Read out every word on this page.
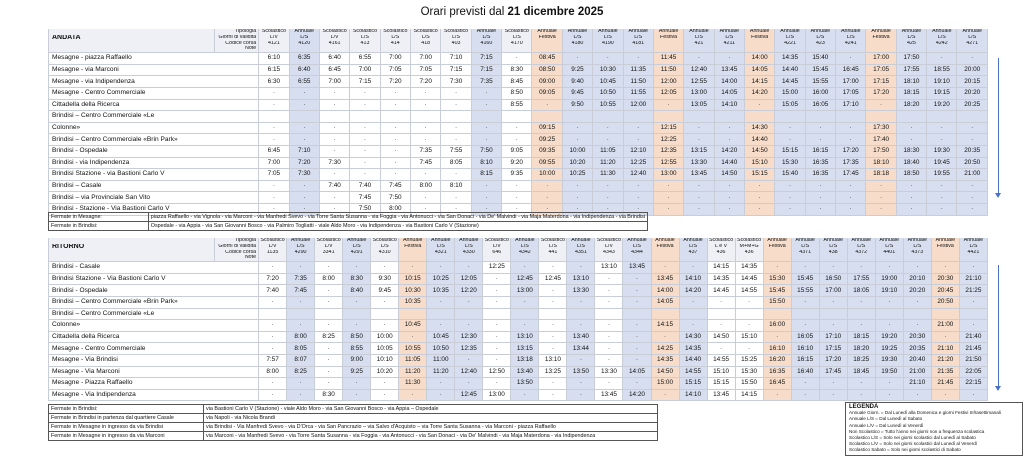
Orari previsti dal 21 dicembre 2025
	Tipologia	Scolastico	Annuale	Scolastico	Scolastico	Scolastico	Scolastico	Scolastico	Annuale	Scolastico	Annuale	Annuale	Annuale	Annuale	Annuale	Annuale	Annuale	Annuale	Annuale	Annuale	Annuale	Annuale	Annuale	Annuale	Annuale
ANDATA	Giorni di validità	L/V	L/S	L/V	L/S	L/S	L/S	L/S	L/S	L/S	Festiva	L/S	L/S	L/S	Festiva	L/S	L/S	Festiva	L/S	L/S	L/S	Festiva	L/S	L/S	L/S
	Codice corsa	4121	4120	4161	413	414	418	403	4160	4170		4180	4190	4181		421	4211		4221	423	4241		425	4242	4271
	Note																								
Mesagne - piazza Raffaello		6:10	6:35	6:40	6:55	7:00	7:00	7:10	7:15	·	08:45	·	·	·	11:45	·	·	14:00	14:35	15:40	·	17:00	17:50	·	·
Mesagne - via Marconi		6:15	6:40	6:45	7:00	7:05	7:05	7:15	7:15	8:30	08:50	9:25	10:30	11:35	11:50	12:40	13:45	14:05	14:40	15:45	16:45	17:05	17:55	18:55	20:00
Mesagne - via Indipendenza		6:30	6:55	7:00	7:15	7:20	7:20	7:30	7:35	8:45	09:00	9:40	10:45	11:50	12:00	12:55	14:00	14:15	14:45	15:55	17:00	17:15	18:10	19:10	20:15
Mesagne - Centro Commerciale		·	·	·	·	·	·	·	·	8:50	09:05	9:45	10:50	11:55	12:05	13:00	14:05	14:20	15:00	16:00	17:05	17:20	18:15	19:15	20:20
Cittadella della Ricerca		·	·	·	·	·	·	·	·	8:55	·	9:50	10:55	12:00	·	13:05	14:10	·	15:05	16:05	17:10	·	18:20	19:20	20:25
Brindisi – Centro Commerciale «Le																									
Colonne»		·	·	·	·	·	·	·	·	·	09:15	·	·	·	12:15	·	·	14:30	·	·	·	17:30	·	·	·
Brindisi – Centro Commerciale «Brin Park»		·	·	·	·	·	·	·	·	·	09:25	·	·	·	12:25	·	·	14:40	·	·	·	17:40	·	·	·
Brindisi - Ospedale		6:45	7:10	·	·	·	7:35	7:55	7:50	9:05	09:35	10:00	11:05	12:10	12:35	13:15	14:20	14:50	15:15	16:15	17:20	17:50	18:30	19:30	20:35
Brindisi - via Indipendenza		7:00	7:20	7:30	·	·	7:45	8:05	8:10	9:20	09:55	10:20	11:20	12:25	12:55	13:30	14:40	15:10	15:30	16:35	17:35	18:10	18:40	19:45	20:50
Brindisi Stazione - via Bastioni Carlo V		7:05	7:30	·	·	·	·	·	8:15	9:35	10:00	10:25	11:30	12:40	13:00	13:45	14:50	15:15	15:40	16:35	17:45	18:18	18:50	19:55	21:00
Brindisi – Casale		·	·	7:40	7:40	7:45	8:00	8:10	·	·	·	·	·	·	·	·	·	·	·	·	·	·	·	·	·
Brindisi – via Provinciale San Vito		·	·	·	7:45	7:50	·	·	·	·	·	·	·	·	·	·	·	·	·	·	·	·	·	·	·
Brindisi - Stazione - Via Bastioni Carlo V		·	·	·	7:50	8:00	·	·	·	·	·	·	·	·	·	·	·	·	·	·	·	·	·	·	·
Fermate in Mesagne:	piazza Raffaello - via Vignola - via Marconi - via Manfredi Svevo - via Torre Santa Susanna - via Foggia - via Antonucci - via San Donaci - via De' Malvindi - via Maja Materdona - via Indipendenza - via Brindisi
Fermate in Brindisi:	Ospedale - via Appia - via San Giovanni Bosco - via Palmiro Togliatti - viale Aldo Moro - via Indipendenza - via Bastioni Carlo V (Stazione)
	Tipologia	Scolastico	Annuale	Scolastico	Annuale	Scolastico	Annuale	Annuale	Annuale	Scolastico	Annuale	Scolastico	Annuale	Scolastico	Annuale	Annuale	Annuale	Scolastico	Scolastico	Annuale	Annuale	Annuale	Annuale	Annuale	Annuale	Annuale	Annuale
RITORNO	Giorni di validità	L/V	L/S	L/V	L/S	L/S	Festiva	L/S	L/S	L/V	L/S	L/S	L/S	L/V	L/S	Festiva	L/S	L e V	M+M+G	Festiva	L/S	L/S	L/S	L/S	L/S	Festiva	L/S
	Codice corsa	1135	4290	3341	4291	4310		4321	4330	646	4342	441	4351	4343	4344		437	436	436		4371	438	4372	4401	4373		4421
	Note																										
Brindisi - Casale		·	·	·	·	·	·	·	·	12:25	·	·	·	13:10	13:45	·	·	14:15	14:35	·	·	·	·	·	·	·	·
Brindisi Stazione - Via Bastioni Carlo V		7:20	7:35	8:00	8:30	9:30	10:15	10:25	12:05	·	12:45	12:45	13:10	·	·	13:45	14:10	14:35	14:45	15:30	15:45	16:50	17:55	19:00	20:10	20:30	21:10
Brindisi - Ospedale		7:40	7:45	·	8:40	9:45	10:30	10:35	12:20	·	13:00	·	13:30	·	·	14:00	14:20	14:45	14:55	15:45	15:55	17:00	18:05	19:10	20:20	20:45	21:25
Brindisi – Centro Commerciale «Brin Park»		·	·	·	·	·	10:35	·	·	·	·	·	·	·	·	14:05	·	·	·	15:50	·	·	·	·	·	20:50	·
Brindisi – Centro Commerciale «Le																											
Colonne»		·	·	·	·	·	10:45	·	·	·	·	·	·	·	·	14:15	·	·	·	16:00	·	·	·	·	·	21:00	·
Cittadella della Ricerca		·	8:00	8:25	8:50	10:00	·	10:45	12:30	·	13:10	·	13:40	·	·	·	14:30	14:50	15:10	·	16:05	17:10	18:15	19:20	20:30	·	21:40
Mesagne - Centro Commerciale		·	8:05	·	8:55	10:05	10:55	10:50	12:35	·	13:15	·	13:44	·	·	14:25	14:35	·	·	16:10	16:10	17:15	18:20	19:25	20:35	21:10	21:45
Mesagne - Via Brindisi		7:57	8:07	·	9:00	10:10	11:05	11:00	·	·	13:18	13:10	·	·	·	14:35	14:40	14:55	15:25	16:20	16:15	17:20	18:25	19:30	20:40	21:20	21:50
Mesagne - Via Marconi		8:00	8:25	·	9:25	10:20	11:20	11:20	12:40	12:50	13:40	13:25	13:50	13:30	14:05	14:50	14:55	15:10	15:30	16:35	16:40	17:45	18:45	19:50	21:00	21:35	22:05
Mesagne - Piazza Raffaello		·	·	·	·	·	11:30	·	·	·	13:50	·	·	·	·	15:00	15:15	15:15	15:50	16:45	·	·	·	·	21:10	21:45	22:15
Mesagne - Via Indipendenza		·	·	8:30	·	·	·	·	12:45	13:00	·	·	·	13:45	14:20	·	14:10	13:45	14:15	·	·	·	·	·	·	·	·
Fermate in Brindisi:	via Bastioni Carlo V (Stazione) - viale Aldo Moro - via San Giovanni Bosco - via Appia – Ospedale
Fermate in Brindisi in partenza dal quartiere Casale	via Napoli - via Nicola Brandi
Fermate in Mesagne in ingresso da via Brindisi	via Brindisi - Via Manfredi Svevo - via D'Orca - via San Pancrazio – via Salvo d'Acquisto – via Torre Santa Susanna - via Marconi - piazza Raffaello
Fermate in Mesagne in ingresso da via Marconi	via Marconi - via Manfredi Svevo - via Torre Santa Susanna - via Foggia - via Antonucci - via San Donaci - via De' Malvindi - via Maja Materdona - via Indipendenza
LEGENDA
Annuale Giorn. = Dal Lunedì alla Domenica e giorni Festivi Infrasettimanali
Annuale L/S = Dal Lunedì al Sabato
Annuale L/V = Dal Lunedì al Venerdì
Non Scolastico = Tutto l'anno nei giorni non a frequenza scolastica
Scolastico L/S = Solo nei giorni scolastici dal Lunedì al Sabato
Scolastico L/V = Solo nei giorni scolastici dal Lunedì al Venerdì
Scolastico Sabato = Solo nei giorni scolastici di Sabato
